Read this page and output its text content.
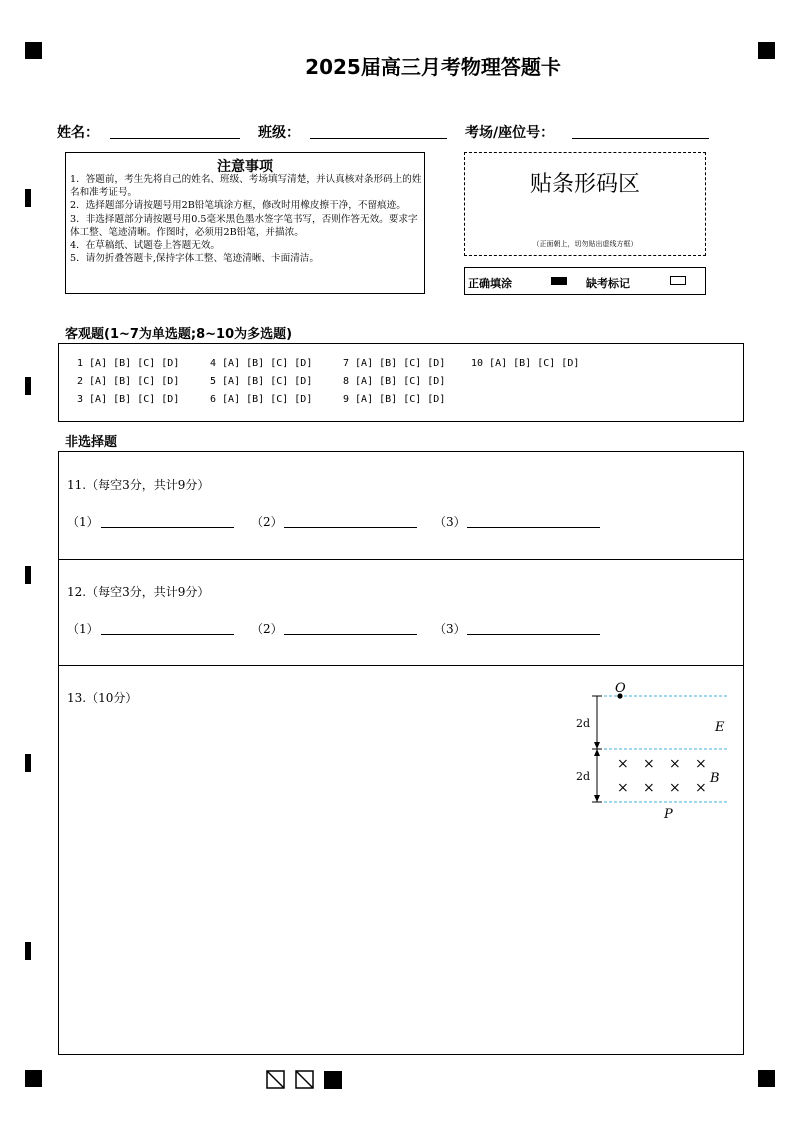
2025届高三月考物理答题卡
姓名：	班级：	考场/座位号：
注意事项
1．答题前，考生先将自己的姓名、班级、考场填写清楚，并认真核对条形码上的姓名和准考证号。
2．选择题部分请按题号用2B铅笔填涂方框，修改时用橡皮擦干净，不留痕迹。
3．非选择题部分请按题号用0.5毫米黑色墨水签字笔书写，否则作答无效。要求字体工整、笔迹清晰。作图时，必须用2B铅笔，并描浓。
4．在草稿纸、试题卷上答题无效。
5．请勿折叠答题卡,保持字体工整、笔迹清晰、卡面清洁。
贴条形码区
（正面朝上，切勿贴出虚线方框）
正确填涂	缺考标记
客观题(1~7为单选题;8~10为多选题)
1 [A] [B] [C] [D]
2 [A] [B] [C] [D]
3 [A] [B] [C] [D]
4 [A] [B] [C] [D]
5 [A] [B] [C] [D]
6 [A] [B] [C] [D]
7 [A] [B] [C] [D]
8 [A] [B] [C] [D]
9 [A] [B] [C] [D]
10 [A] [B] [C] [D]
非选择题
11.（每空3分，共计9分）
（1）	（2）	（3）
12.（每空3分，共计9分）
（1）	（2）	（3）
13.（10分）
2d
2d
O
P
E
B
× × × ×
× × × ×
